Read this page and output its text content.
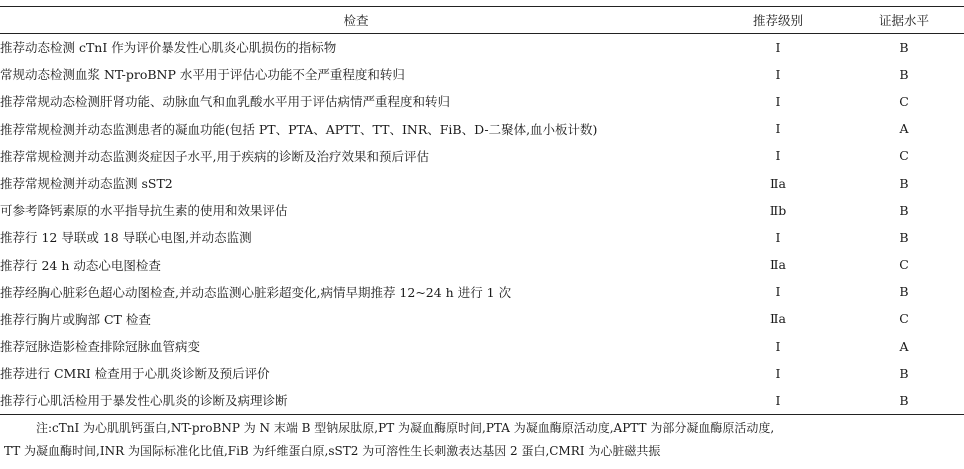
检查	推荐级别	证据水平
推荐动态检测 cTnI 作为评价暴发性心肌炎心肌损伤的指标物	Ⅰ	B
常规动态检测血浆 NT-proBNP 水平用于评估心功能不全严重程度和转归	Ⅰ	B
推荐常规动态检测肝肾功能、动脉血气和血乳酸水平用于评估病情严重程度和转归	Ⅰ	C
推荐常规检测并动态监测患者的凝血功能(包括 PT、PTA、APTT、TT、INR、FiB、D-二聚体,血小板计数)	Ⅰ	A
推荐常规检测并动态监测炎症因子水平,用于疾病的诊断及治疗效果和预后评估	Ⅰ	C
推荐常规检测并动态监测 sST2	Ⅱa	B
可参考降钙素原的水平指导抗生素的使用和效果评估	Ⅱb	B
推荐行 12 导联或 18 导联心电图,并动态监测	Ⅰ	B
推荐行 24 h 动态心电图检查	Ⅱa	C
推荐经胸心脏彩色超心动图检查,并动态监测心脏彩超变化,病情早期推荐 12~24 h 进行 1 次	Ⅰ	B
推荐行胸片或胸部 CT 检查	Ⅱa	C
推荐冠脉造影检查排除冠脉血管病变	Ⅰ	A
推荐进行 CMRI 检查用于心肌炎诊断及预后评价	Ⅰ	B
推荐行心肌活检用于暴发性心肌炎的诊断及病理诊断	Ⅰ	B
注:cTnI 为心肌肌钙蛋白,NT-proBNP 为 N 末端 B 型钠尿肽原,PT 为凝血酶原时间,PTA 为凝血酶原活动度,APTT 为部分凝血酶原活动度,
TT 为凝血酶时间,INR 为国际标准化比值,FiB 为纤维蛋白原,sST2 为可溶性生长刺激表达基因 2 蛋白,CMRI 为心脏磁共振
